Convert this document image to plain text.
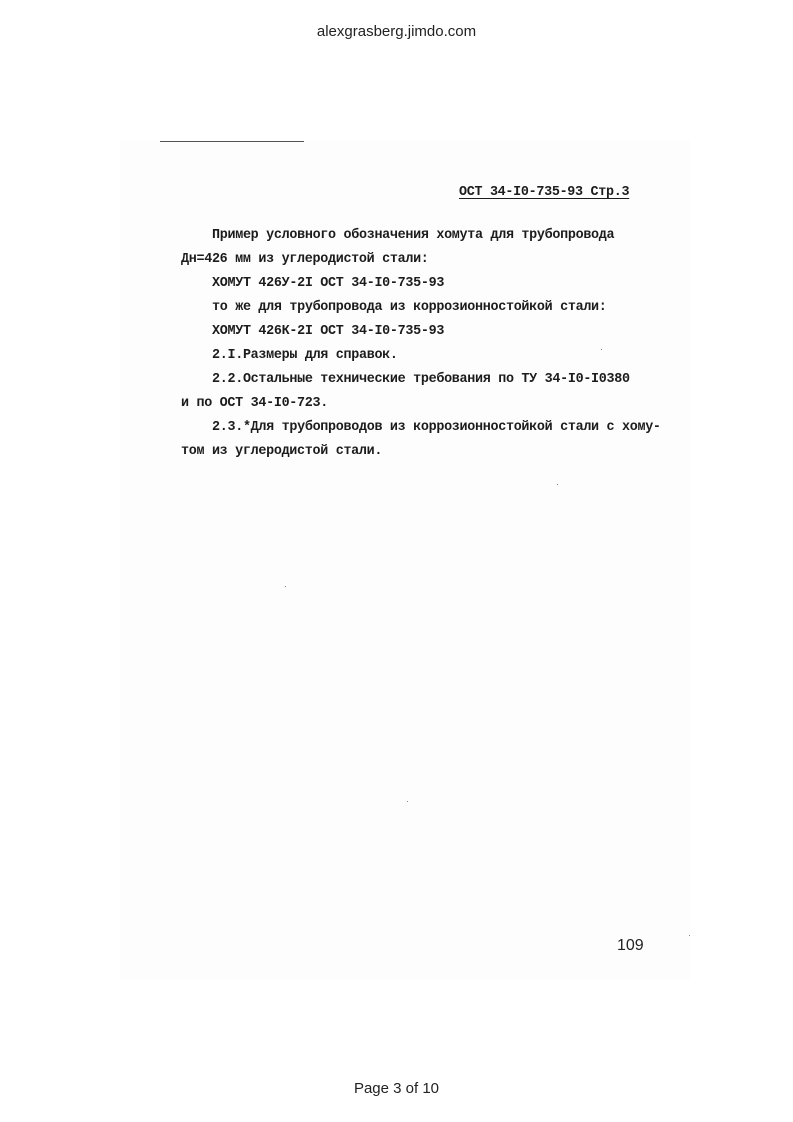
alexgrasberg.jimdo.com
ОСТ 34-I0-735-93 Стр.3
Пример условного обозначения хомута для трубопровода
Дн=426 мм из углеродистой стали:
ХОМУТ 426У-2I ОСТ 34-I0-735-93
то же для трубопровода из коррозионностойкой стали:
ХОМУТ 426К-2I ОСТ 34-I0-735-93
2.I.Размеры для справок.
2.2.Остальные технические требования по ТУ 34-I0-I0380
и по ОСТ 34-I0-723.
2.3.*Для трубопроводов из коррозионностойкой стали с хому-
том из углеродистой стали.
109
Page 3 of 10
